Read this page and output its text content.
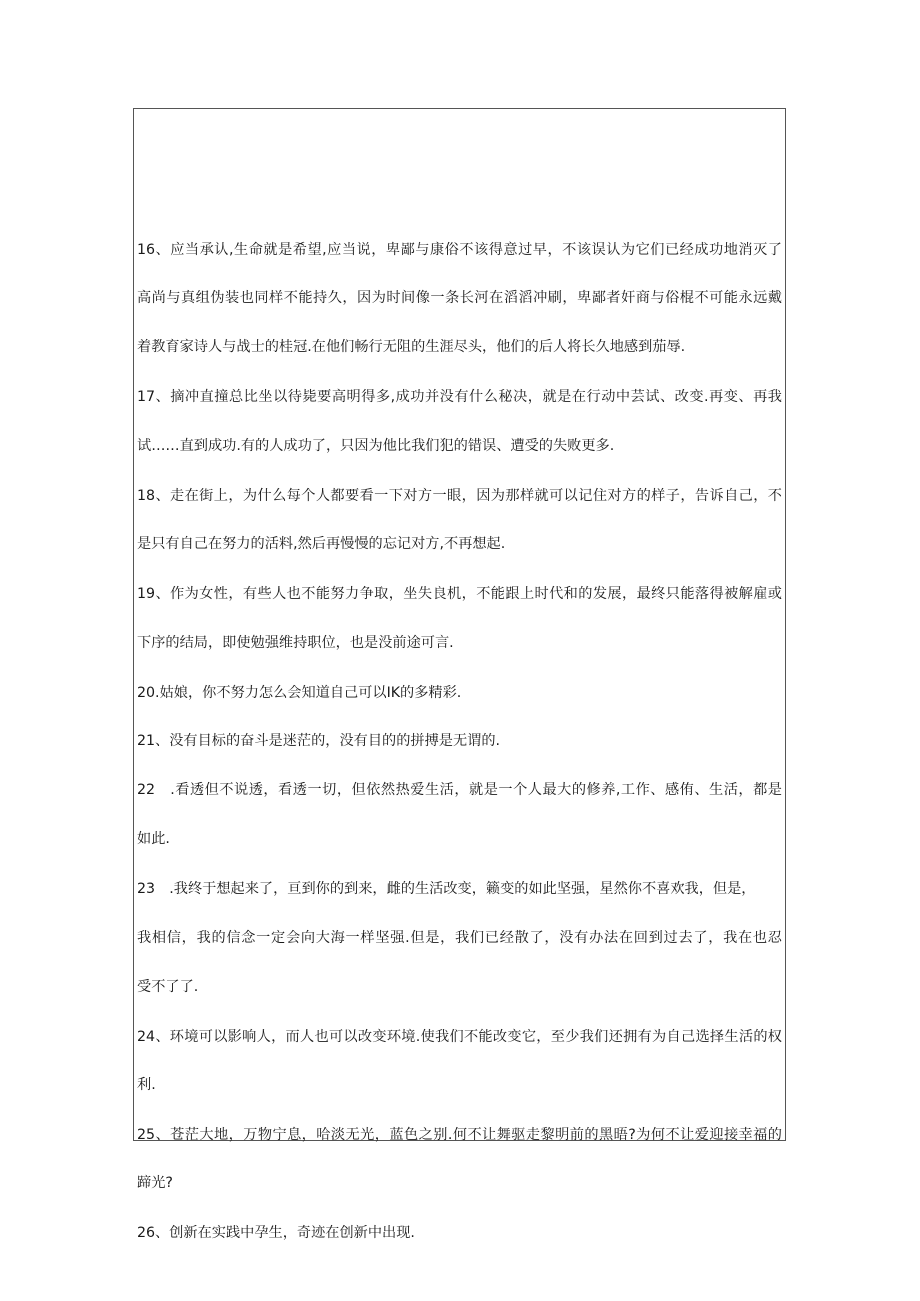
16、应当承认,生命就是希望,应当说，卑鄙与康俗不该得意过早，不该误认为它们已经成功地消灭了
高尚与真组伪装也同样不能持久，因为时间像一条长河在滔滔冲刷，卑鄙者奸商与俗棍不可能永远戴
着教育家诗人与战士的桂冠.在他们畅行无阻的生涯尽头，他们的后人将长久地感到茄辱.
17、摘冲直撞总比坐以待毙要高明得多,成功并没有什么秘决，就是在行动中芸试、改变.再变、再我
试……直到成功.有的人成功了，只因为他比我们犯的错误、遭受的失败更多.
18、走在街上，为什么每个人都要看一下对方一眼，因为那样就可以记住对方的样子，告诉自己，不
是只有自己在努力的活料,然后再慢慢的忘记对方,不再想起.
19、作为女性，有些人也不能努力争取，坐失良机，不能跟上时代和的发展，最终只能落得被解雇或
下序的结局，即使勉强维持职位，也是没前途可言.
20.姑娘，你不努力怎么会知道自己可以IK的多精彩.
21、没有目标的奋斗是迷茫的，没有目的的拼搏是无谓的.
22　.看透但不说透，看透一切，但依然热爱生活，就是一个人最大的修养,工作、感侑、生活，都是
如此.
23　.我终于想起来了，亘到你的到来，雌的生活改变，籁变的如此坚强，星然你不喜欢我，但是，
我相信，我的信念一定会向大海一样坚强.但是，我们已经散了，没有办法在回到过去了，我在也忍
受不了了.
24、环境可以影响人，而人也可以改变环境.使我们不能改变它，至少我们还拥有为自己选择生活的权
利.
25、苍茫大地，万物宁息，哈淡无光，蓝色之别.何不让舞驱走黎明前的黑晤?为何不让爱迎接幸福的
蹄光?
26、创新在实践中孕生，奇迹在创新中出现.
